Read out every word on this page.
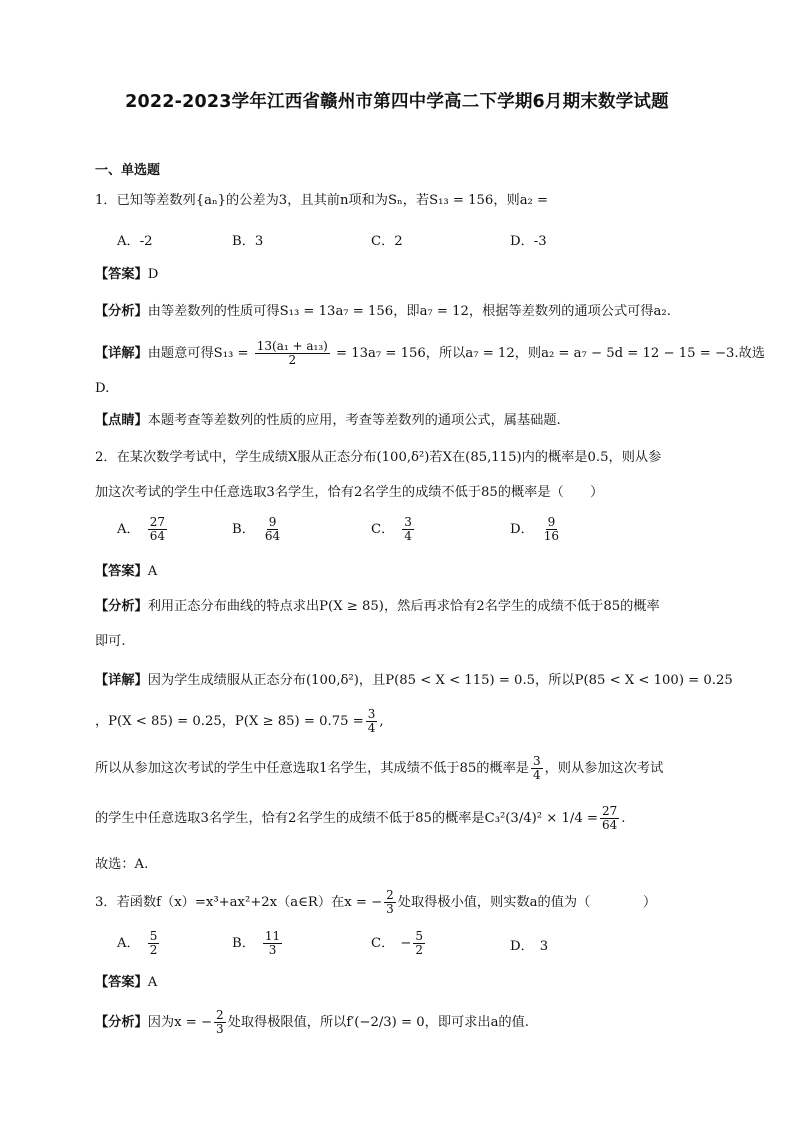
2022-2023学年江西省赣州市第四中学高二下学期6月期末数学试题
一、单选题
1．已知等差数列{aₙ}的公差为3，且其前n项和为Sₙ，若S₁₃ = 156，则a₂ =
A．-2	B．3	C．2	D．-3
【答案】D
【分析】由等差数列的性质可得S₁₃ = 13a₇ = 156，即a₇ = 12，根据等差数列的通项公式可得a₂.
【详解】由题意可得$S_{13} = \frac{\text{13(a₁ + a₁₃)}}{2} = 13a_7 = 156$，所以a₇ = 12，则a₂ = a₇ − 5d = 12 − 15 = −3.故选
D.
【点睛】本题考查等差数列的性质的应用，考查等差数列的通项公式，属基础题.
2．在某次数学考试中，学生成绩X服从正态分布(100,δ²)若X在(85,115)内的概率是0.5，则从参
加这次考试的学生中任意选取3名学生，恰有2名学生的成绩不低于85的概率是（　　）
A． $\frac{27}{64}$	B． $\frac{9}{64}$	C． $\frac{3}{4}$	D． $\frac{9}{16}$
【答案】A
【分析】利用正态分布曲线的特点求出P(X ≥ 85)，然后再求恰有2名学生的成绩不低于85的概率
即可.
【详解】因为学生成绩服从正态分布(100,δ²)，且P(85 < X < 115) = 0.5，所以P(85 < X < 100) = 0.25
，P(X < 85) = 0.25，$P(X \ge 85) = 0.75 = \frac{3}{4}$ ,
所以从参加这次考试的学生中任意选取1名学生，其成绩不低于85的概率是 $\frac{3}{4}$ ，则从参加这次考试
的学生中任意选取3名学生，恰有2名学生的成绩不低于85的概率是$C_3^2(3/4)^2 \times 1/4 = \frac{27}{64}$ .
故选：A.
3．若函数f（x）=x³+ax²+2x（a∈R）在x = − $\frac{2}{3}$ 处取得极小值，则实数a的值为（　　　　）
A． $\frac{5}{2}$	B． $\frac{11}{3}$	C． − $\frac{5}{2}$	D． 3
【答案】A
【分析】因为x = − $\frac{2}{3}$ 处取得极限值，所以f′(−2/3) = 0，即可求出a的值.
